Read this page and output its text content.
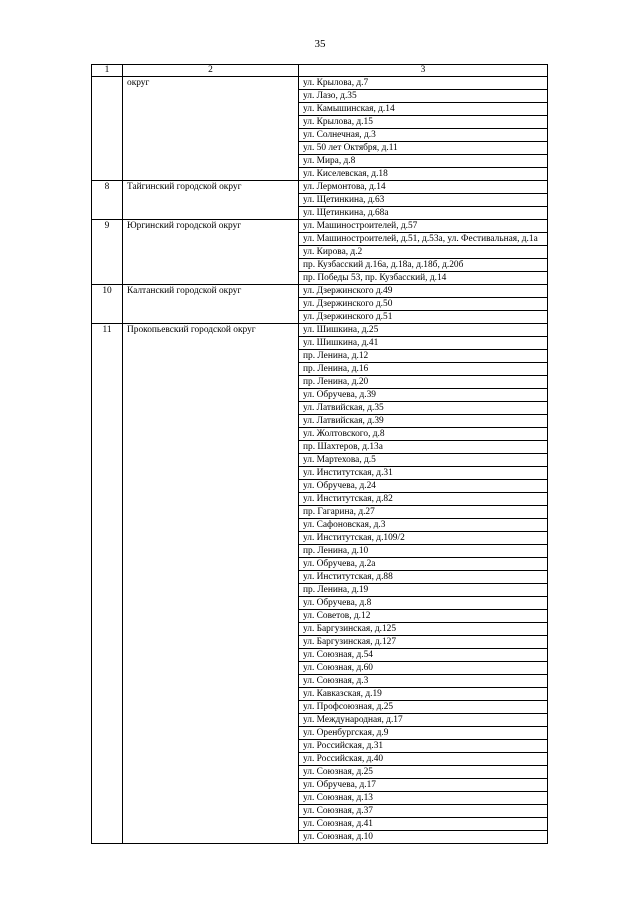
35
1	2	3
	округ	ул. Крылова, д.7
		ул. Лазо, д.35
		ул. Камышинская, д.14
		ул. Крылова, д.15
		ул. Солнечная, д.3
		ул. 50 лет Октября, д.11
		ул. Мира, д.8
		ул. Киселевская, д.18
8	Тайгинский городской округ	ул. Лермонтова, д.14
		ул. Щетинкина, д.63
		ул. Щетинкина, д.68а
9	Юргинский городской округ	ул. Машиностроителей, д.57
		ул. Машиностроителей, д.51, д.53а, ул. Фестивальная, д.1а
		ул. Кирова, д.2
		пр. Кузбасский д.16а, д.18а, д.18б, д.20б
		пр. Победы 53, пр. Кузбасский, д.14
10	Калтанский городской округ	ул. Дзержинского д.49
		ул. Дзержинского д.50
		ул. Дзержинского д.51
11	Прокопьевский городской округ	ул. Шишкина, д.25
		ул. Шишкина, д.41
		пр. Ленина, д.12
		пр. Ленина, д.16
		пр. Ленина, д.20
		ул. Обручева, д.39
		ул. Латвийская, д.35
		ул. Латвийская, д.39
		ул. Жолтовского, д.8
		пр. Шахтеров, д.13а
		ул. Мартехова, д.5
		ул. Институтская, д.31
		ул. Обручева, д.24
		ул. Институтская, д.82
		пр. Гагарина, д.27
		ул. Сафоновская, д.3
		ул. Институтская, д.109/2
		пр. Ленина, д.10
		ул. Обручева, д.2а
		ул. Институтская, д.88
		пр. Ленина, д.19
		ул. Обручева, д.8
		ул. Советов, д.12
		ул. Баргузинская, д.125
		ул. Баргузинская, д.127
		ул. Союзная, д.54
		ул. Союзная, д.60
		ул. Союзная, д.3
		ул. Кавказская, д.19
		ул. Профсоюзная, д.25
		ул. Международная, д.17
		ул. Оренбургская, д.9
		ул. Российская, д.31
		ул. Российская, д.40
		ул. Союзная, д.25
		ул. Обручева, д.17
		ул. Союзная, д.13
		ул. Союзная, д.37
		ул. Союзная, д.41
		ул. Союзная, д.10
